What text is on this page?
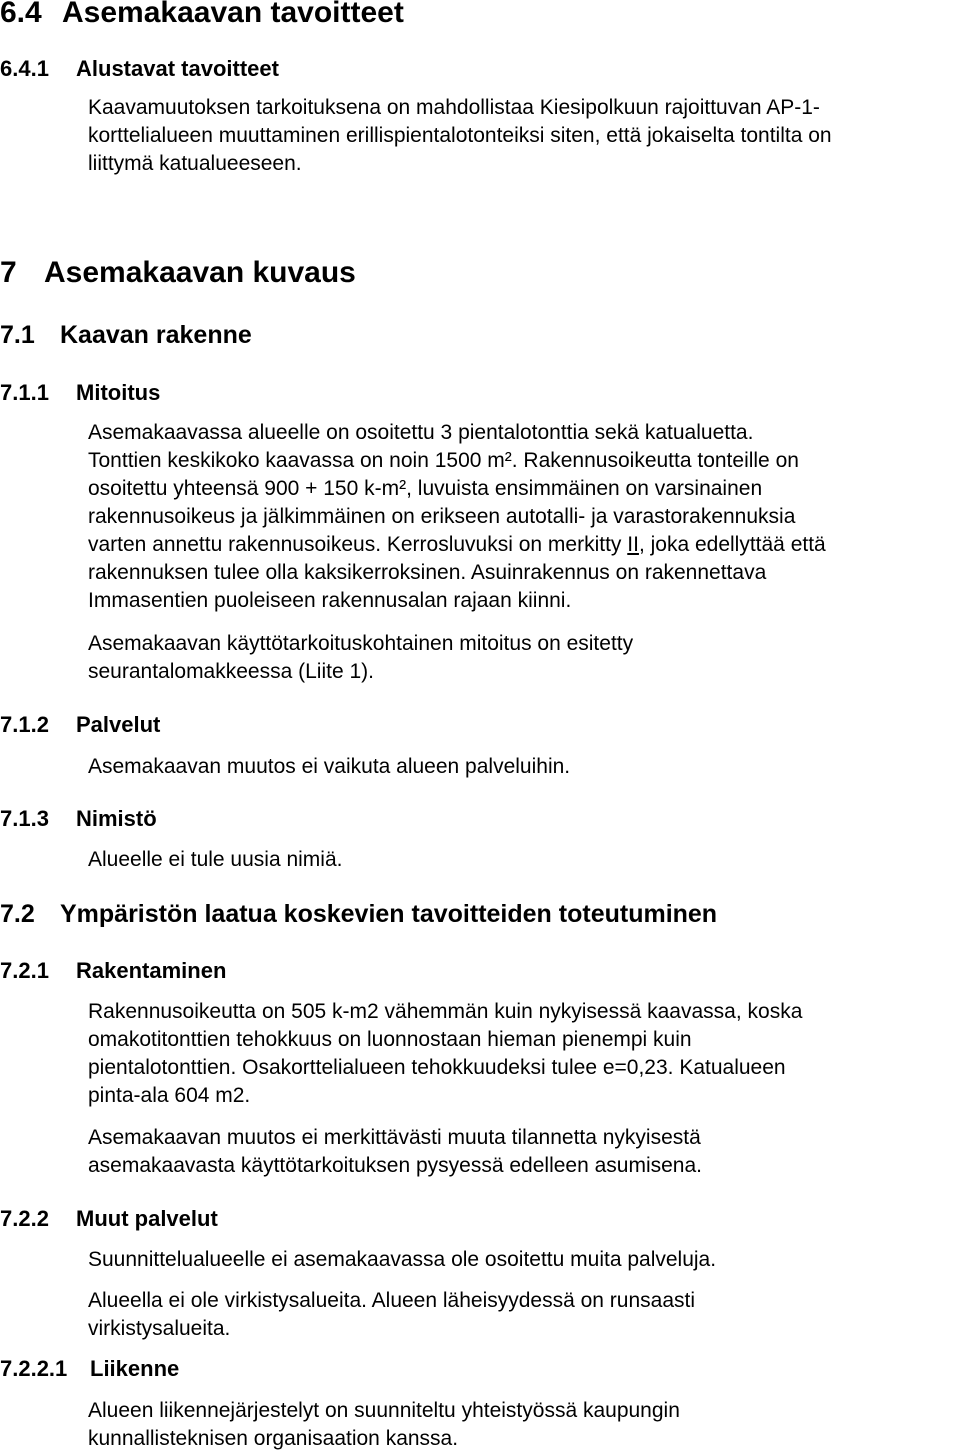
6.4 Asemakaavan tavoitteet
6.4.1 Alustavat tavoitteet
Kaavamuutoksen tarkoituksena on mahdollistaa Kiesipolkuun rajoittuvan AP-1-
korttelialueen muuttaminen erillispientalotonteiksi siten, että jokaiselta tontilta on
liittymä katualueeseen.
7 Asemakaavan kuvaus
7.1 Kaavan rakenne
7.1.1 Mitoitus
Asemakaavassa alueelle on osoitettu 3 pientalotonttia sekä katualuetta.
Tonttien keskikoko kaavassa on noin 1500 m². Rakennusoikeutta tonteille on
osoitettu yhteensä 900 + 150 k-m², luvuista ensimmäinen on varsinainen
rakennusoikeus ja jälkimmäinen on erikseen autotalli- ja varastorakennuksia
varten annettu rakennusoikeus. Kerrosluvuksi on merkitty II, joka edellyttää että
rakennuksen tulee olla kaksikerroksinen. Asuinrakennus on rakennettava
Immasentien puoleiseen rakennusalan rajaan kiinni.
Asemakaavan käyttötarkoituskohtainen mitoitus on esitetty
seurantalomakkeessa (Liite 1).
7.1.2 Palvelut
Asemakaavan muutos ei vaikuta alueen palveluihin.
7.1.3 Nimistö
Alueelle ei tule uusia nimiä.
7.2 Ympäristön laatua koskevien tavoitteiden toteutuminen
7.2.1 Rakentaminen
Rakennusoikeutta on 505 k-m2 vähemmän kuin nykyisessä kaavassa, koska
omakotitonttien tehokkuus on luonnostaan hieman pienempi kuin
pientalotonttien. Osakorttelialueen tehokkuudeksi tulee e=0,23. Katualueen
pinta-ala 604 m2.
Asemakaavan muutos ei merkittävästi muuta tilannetta nykyisestä
asemakaavasta käyttötarkoituksen pysyessä edelleen asumisena.
7.2.2 Muut palvelut
Suunnittelualueelle ei asemakaavassa ole osoitettu muita palveluja.
Alueella ei ole virkistysalueita. Alueen läheisyydessä on runsaasti
virkistysalueita.
7.2.2.1 Liikenne
Alueen liikennejärjestelyt on suunniteltu yhteistyössä kaupungin
kunnallisteknisen organisaation kanssa.
